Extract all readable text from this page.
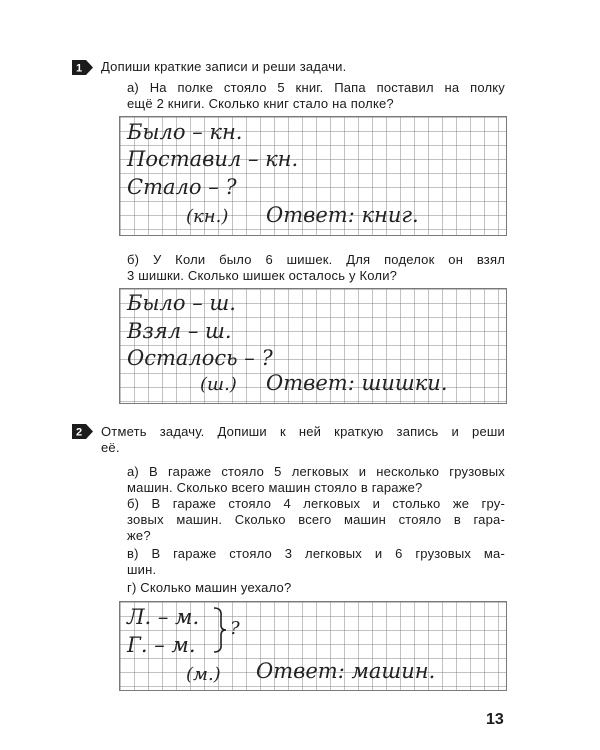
1 Допиши краткие записи и реши задачи.
а) На полке стояло 5 книг. Папа поставил на полку
ещё 2 книги. Сколько книг стало на полке?
Было – кн.
Поставил – кн.
Стало – ?
(кн.) Ответ: книг.
б) У Коли было 6 шишек. Для поделок он взял
3 шишки. Сколько шишек осталось у Коли?
Было – ш.
Взял – ш.
Осталось – ?
(ш.) Ответ: шишки.
2 Отметь задачу. Допиши к ней краткую запись и реши
её.
а) В гараже стояло 5 легковых и несколько грузовых
машин. Сколько всего машин стояло в гараже?
б) В гараже стояло 4 легковых и столько же гру-
зовых машин. Сколько всего машин стояло в гара-
же?
в) В гараже стояло 3 легковых и 6 грузовых ма-
шин.
г) Сколько машин уехало?
Л. – м.
Г. – м.
?
(м.) Ответ: машин.
13
